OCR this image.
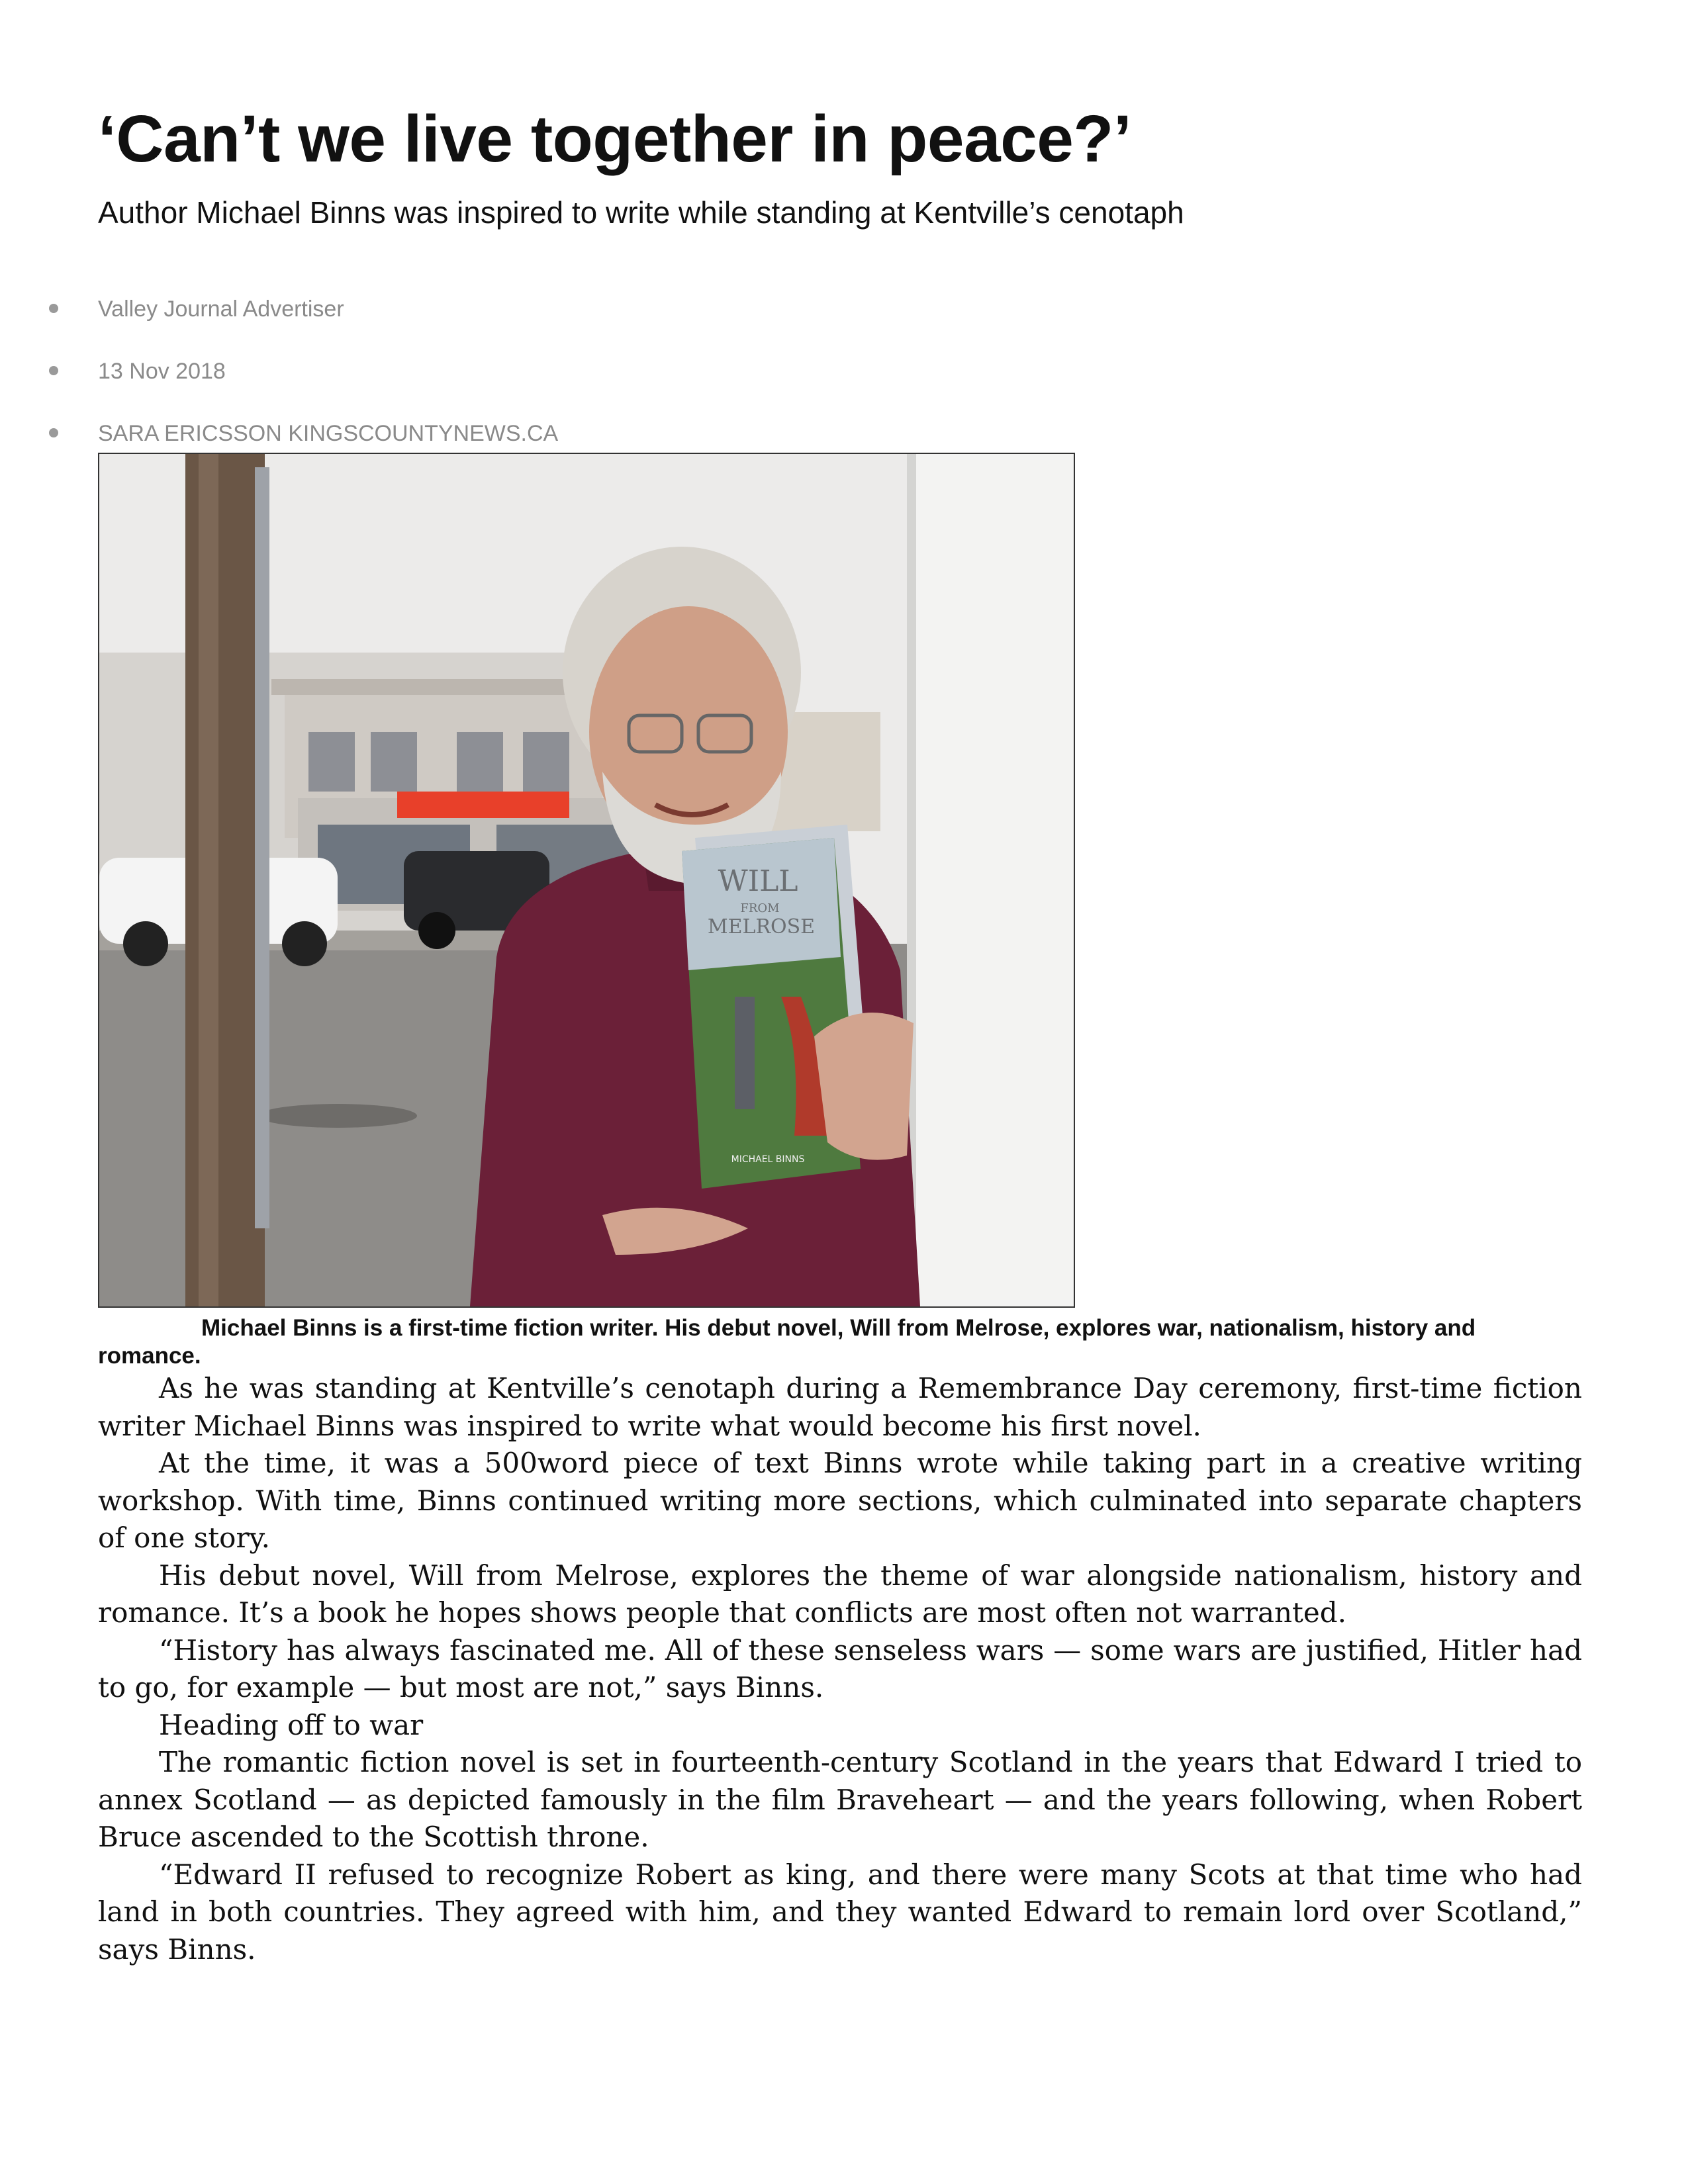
‘Can’t we live together in peace?’

Author Michael Binns was inspired to write while standing at Kentville’s cenotaph

Valley Journal Advertiser
13 Nov 2018
SARA ERICSSON KINGSCOUNTYNEWS.CA
WILL
FROM
MELROSE
MICHAEL BINNS

Michael Binns is a first-time fiction writer. His debut novel, Will from Melrose, explores war, nationalism, history and romance.

As he was standing at Kentville’s cenotaph during a Remembrance Day ceremony, first-time fiction writer Michael Binns was inspired to write what would become his first novel.

At the time, it was a 500word piece of text Binns wrote while taking part in a creative writing workshop. With time, Binns continued writing more sections, which culminated into separate chapters of one story.

His debut novel, Will from Melrose, explores the theme of war alongside nationalism, history and romance. It’s a book he hopes shows people that conflicts are most often not warranted.

“History has always fascinated me. All of these senseless wars — some wars are justified, Hitler had to go, for example — but most are not,” says Binns.

Heading off to war

The romantic fiction novel is set in fourteenth-century Scotland in the years that Edward I tried to annex Scotland — as depicted famously in the film Braveheart — and the years following, when Robert Bruce ascended to the Scottish throne.

“Edward II refused to recognize Robert as king, and there were many Scots at that time who had land in both countries. They agreed with him, and they wanted Edward to remain lord over Scotland,” says Binns.
